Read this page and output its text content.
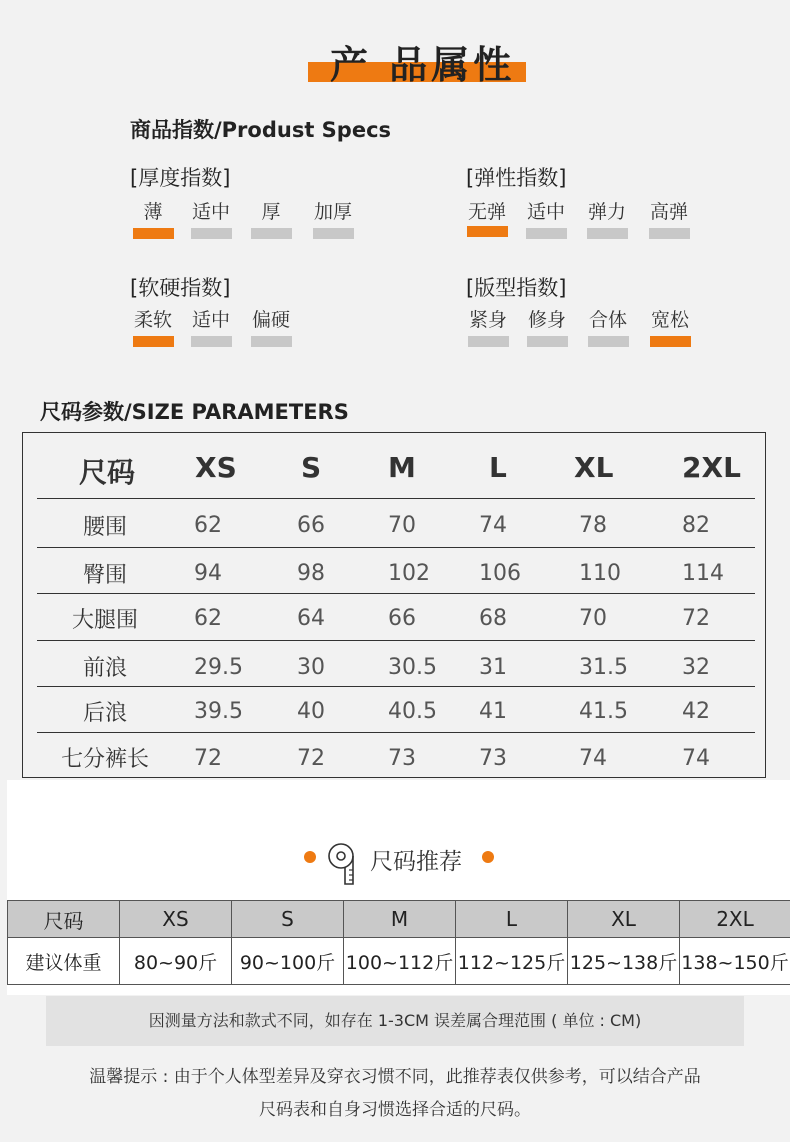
产 品属性
商品指数/Produst Specs
[厚度指数]
薄	适中	厚	加厚
[弹性指数]
无弹	适中	弹力	高弹
[软硬指数]
柔软	适中	偏硬
[版型指数]
紧身	修身	合体	宽松
尺码参数/SIZE PARAMETERS
尺码 XS S M	L XL 2XL
腰围	62	66	70	74	78	82
臀围	94	98	102 106	110	114
大腿围	62	64	66	68	70	72
前浪	29.5 30	30.5 31	31.5 32
后浪	39.5 40	40.5 41	41.5 42
七分裤长 72	72	73	73	74	74
尺码推荐
尺码	XS	S	M	L	XL	2XL
建议体重	80~90斤	90~100斤	100~112斤	112~125斤	125~138斤	138~150斤
因测量方法和款式不同，如存在 1-3CM 误差属合理范围 ( 单位 : CM)
温馨提示 : 由于个人体型差异及穿衣习惯不同，此推荐表仅供参考，可以结合产品
尺码表和自身习惯选择合适的尺码。
